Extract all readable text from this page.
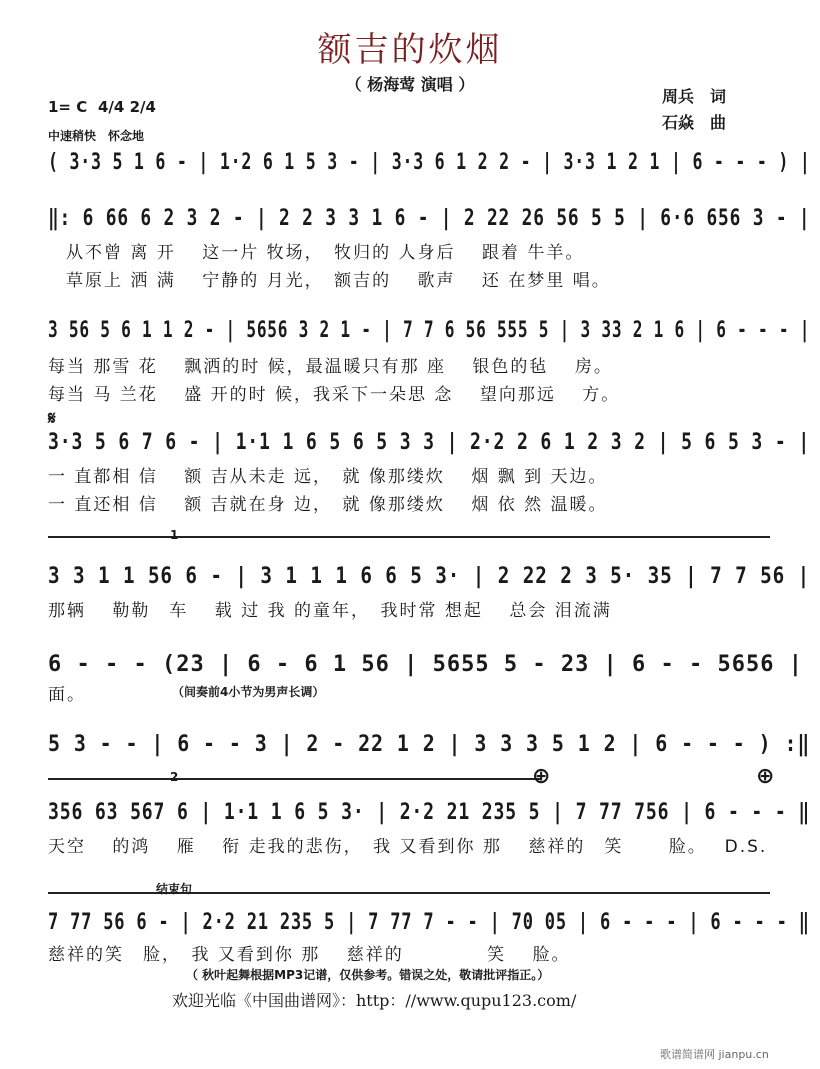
额吉的炊烟
（ 杨海莺 演唱 ）
周兵　词
石焱　曲
1= C 4/4 2/4
中速稍快　怀念地
( 3·3 5 1 6 - | 1·2 6 1 5 3 - | 3·3 6 1 2 2 - | 3·3 1 2 1 | 6 - - - ) |
‖: 6 66 6 2 3 2 - | 2 2 3 3 1 6 - | 2 22 26 56 5 5 | 6·6 656 3 - |
从不曾 离 开　 这一片 牧场，　牧归的 人身后　 跟着 牛羊。
草原上 洒 满　 宁静的 月光，　额吉的　 歌声　 还 在梦里 唱。
3 56 5 6 1 1 2 - | 5656 3 2 1 - | 7 7 6 56 555 5 | 3 33 2 1 6 | 6 - - - |
每当 那雪 花　 飘洒的时 候，最温暖只有那 座　 银色的毡　 房。
每当 马 兰花　 盛 开的时 候，我采下一朵思 念　 望向那远　 方。
𝄋
3·3 5 6 7 6 - | 1·1 1 6 5 6 5 3 3 | 2·2 2 6 1 2 3 2 | 5 6 5 3 - |
一 直都相 信　 额 吉从未走 远，　就 像那缕炊　 烟 飘 到 天边。
一 直还相 信　 额 吉就在身 边，　就 像那缕炊　 烟 依 然 温暖。
1
3 3 1 1 56 6 - | 3 1 1 1 6 6 5 3· | 2 22 2 3 5· 35 | 7 7 56 |
那辆　 勒勒　车　 载 过 我 的童年，　我时常 想起　 总会 泪流满
6 - - - (23 | 6 - 6 1 56 | 5655 5 - 23 | 6 - - 5656 |
面。	（间奏前4小节为男声长调）
5 3 - - | 6 - - 3 | 2 - 22 1 2 | 3 3 3 5 1 2 | 6 - - - ) :‖
2	⊕	⊕
356 63 567 6 | 1·1 1 6 5 3· | 2·2 21 235 5 | 7 77 756 | 6 - - - ‖
天空　 的鸿　 雁　 衔 走我的悲伤，　我 又看到你 那　 慈祥的　笑　　 脸。　 D.S.
结束句
7 77 56 6 - | 2·2 21 235 5 | 7 77 7 - - | 70 05 | 6 - - - | 6 - - - ‖
慈祥的笑　脸，　我 又看到你 那　 慈祥的　　　　 笑　 脸。
（ 秋叶起舞根据MP3记谱，仅供参考。错误之处，敬请批评指正。）
欢迎光临《中国曲谱网》：http：//www.qupu123.com/
歌谱简谱网 jianpu.cn
